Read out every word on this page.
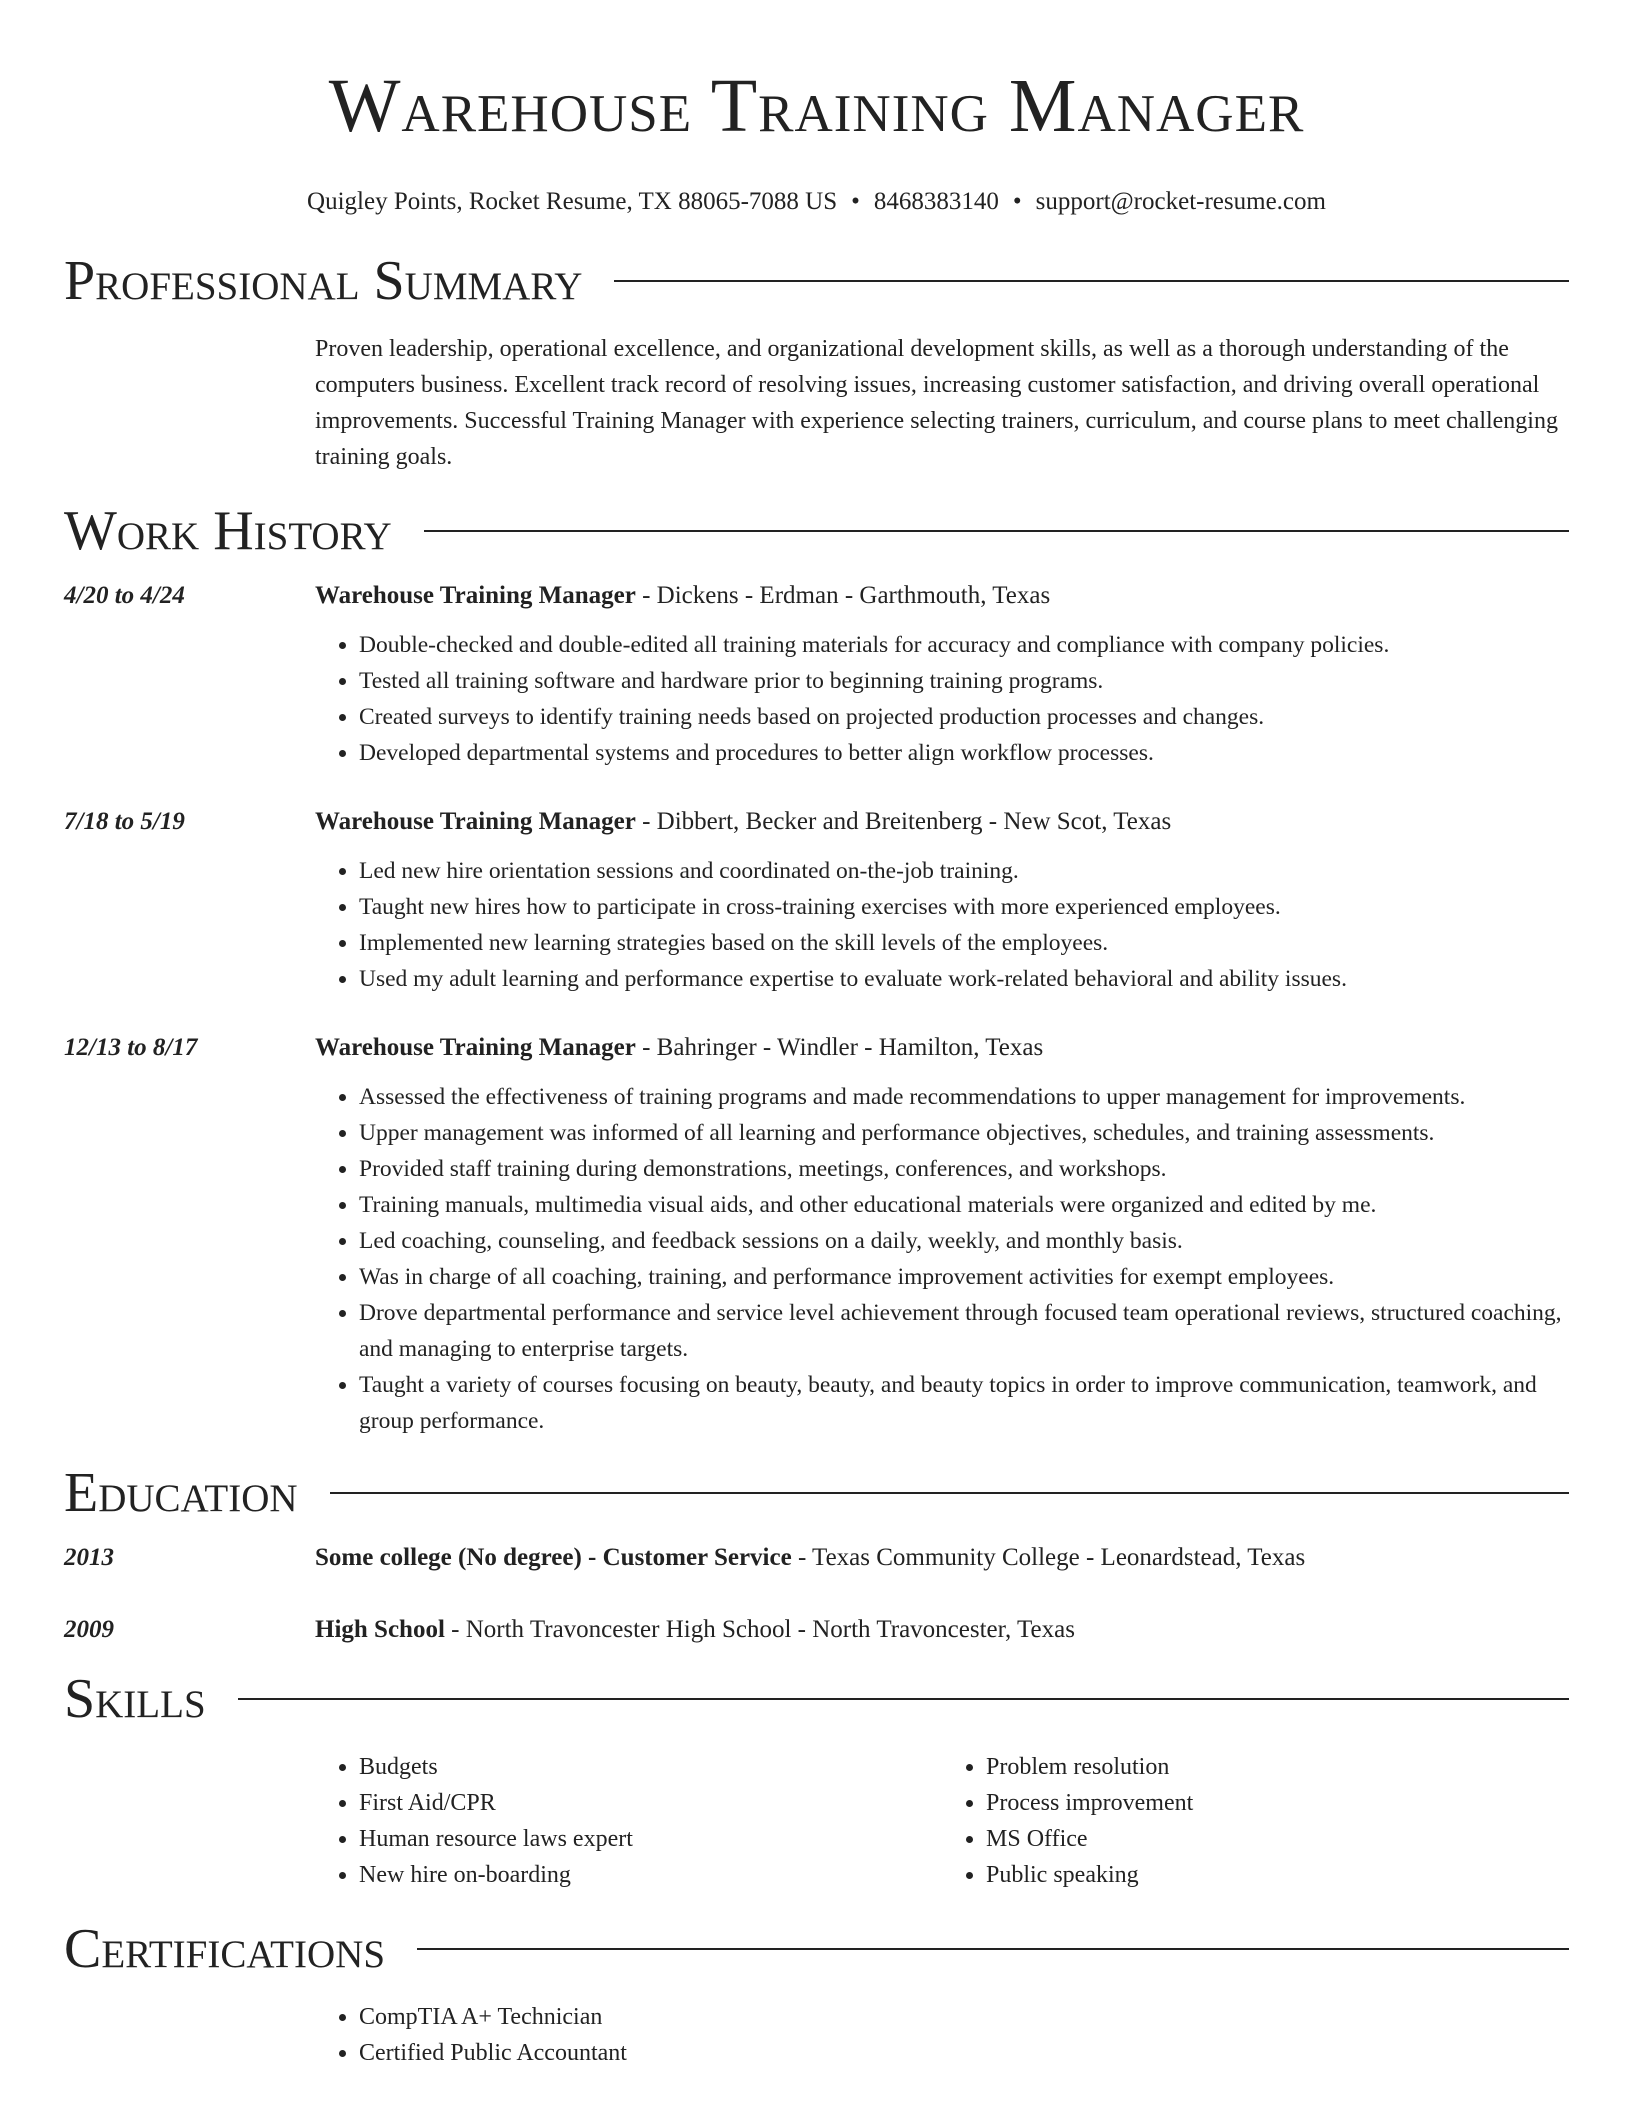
Warehouse Training Manager
Quigley Points, Rocket Resume, TX 88065-7088 US • 8468383140 • support@rocket-resume.com
Professional Summary
Proven leadership, operational excellence, and organizational development skills, as well as a thorough understanding of the computers business. Excellent track record of resolving issues, increasing customer satisfaction, and driving overall operational improvements. Successful Training Manager with experience selecting trainers, curriculum, and course plans to meet challenging training goals.
Work History
4/20 to 4/24	Warehouse Training Manager - Dickens - Erdman - Garthmouth, Texas
• Double-checked and double-edited all training materials for accuracy and compliance with company policies.
• Tested all training software and hardware prior to beginning training programs.
• Created surveys to identify training needs based on projected production processes and changes.
• Developed departmental systems and procedures to better align workflow processes.
7/18 to 5/19	Warehouse Training Manager - Dibbert, Becker and Breitenberg - New Scot, Texas
• Led new hire orientation sessions and coordinated on-the-job training.
• Taught new hires how to participate in cross-training exercises with more experienced employees.
• Implemented new learning strategies based on the skill levels of the employees.
• Used my adult learning and performance expertise to evaluate work-related behavioral and ability issues.
12/13 to 8/17	Warehouse Training Manager - Bahringer - Windler - Hamilton, Texas
• Assessed the effectiveness of training programs and made recommendations to upper management for improvements.
• Upper management was informed of all learning and performance objectives, schedules, and training assessments.
• Provided staff training during demonstrations, meetings, conferences, and workshops.
• Training manuals, multimedia visual aids, and other educational materials were organized and edited by me.
• Led coaching, counseling, and feedback sessions on a daily, weekly, and monthly basis.
• Was in charge of all coaching, training, and performance improvement activities for exempt employees.
• Drove departmental performance and service level achievement through focused team operational reviews, structured coaching, and managing to enterprise targets.
• Taught a variety of courses focusing on beauty, beauty, and beauty topics in order to improve communication, teamwork, and group performance.
Education
2013	Some college (No degree) - Customer Service - Texas Community College - Leonardstead, Texas
2009	High School - North Travoncester High School - North Travoncester, Texas
Skills
• Budgets
• First Aid/CPR
• Human resource laws expert
• New hire on-boarding
• Problem resolution
• Process improvement
• MS Office
• Public speaking
Certifications
• CompTIA A+ Technician
• Certified Public Accountant
